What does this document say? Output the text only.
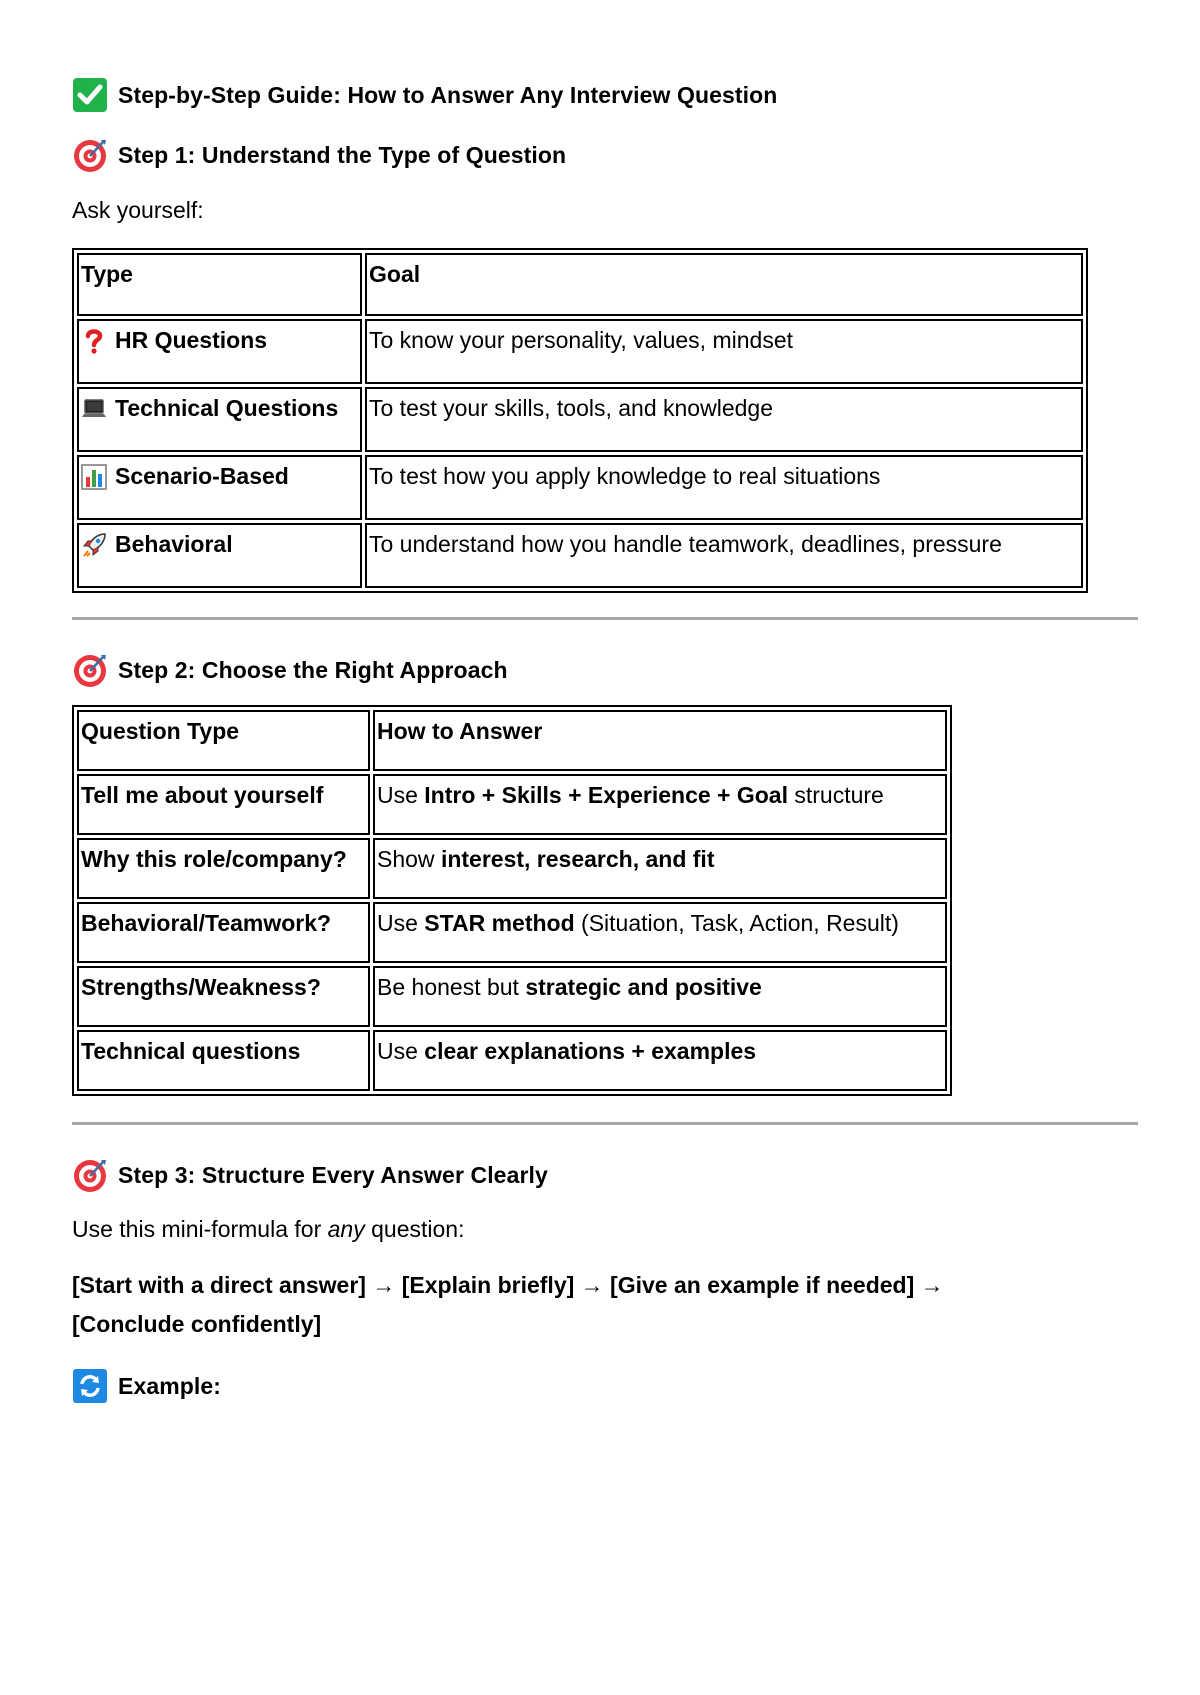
Step-by-Step Guide: How to Answer Any Interview Question
Step 1: Understand the Type of Question
Ask yourself:
Type	Goal

HR Questions	To know your personality, values, mindset

Technical Questions	To test your skills, tools, and knowledge

Scenario-Based	To test how you apply knowledge to real situations

Behavioral	To understand how you handle teamwork, deadlines, pressure
Step 2: Choose the Right Approach
Question Type	How to Answer
Tell me about yourself	Use Intro + Skills + Experience + Goal structure
Why this role/company?	Show interest, research, and fit
Behavioral/Teamwork?	Use STAR method (Situation, Task, Action, Result)
Strengths/Weakness?	Be honest but strategic and positive
Technical questions	Use clear explanations + examples
Step 3: Structure Every Answer Clearly
Use this mini-formula for any question:
[Start with a direct answer] → [Explain briefly] → [Give an example if needed] →
[Conclude confidently]
Example:
